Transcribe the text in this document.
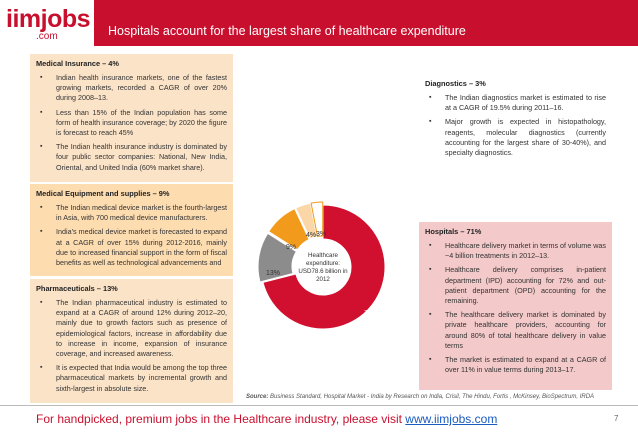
iimjobs
.com	Hospitals account for the largest share of healthcare expenditure
Medical Insurance – 4%
▪ Indian health insurance markets, one of the fastest growing markets, recorded a CAGR of over 20% during 2008–13.
▪ Less than 15% of the Indian population has some form of health insurance coverage; by 2020 the figure is forecast to reach 45%
▪ The Indian health insurance industry is dominated by four public sector companies: National, New India, Oriental, and United India (60% market share).
Medical Equipment and supplies – 9%
▪ The Indian medical device market is the fourth-largest in Asia, with 700 medical device manufacturers.
▪ India's medical device market is forecasted to expand at a CAGR of over 15% during 2012-2016, mainly due to increased financial support in the form of fiscal benefits as well as technological advancements and
Pharmaceuticals – 13%
▪ The Indian pharmaceutical industry is estimated to expand at a CAGR of around 12% during 2012–20, mainly due to growth factors such as presence of epidemiological factors, increase in affordability due to increase in income, expansion of insurance coverage, and increased awareness.
▪ It is expected that India would be among the top three pharmaceutical markets by incremental growth and sixth-largest in absolute size.
Diagnostics – 3%
▪ The Indian diagnostics market is estimated to rise at a CAGR of 19.5% during 2011–16.
▪ Major growth is expected in histopathology, reagents, molecular diagnostics (currently accounting for the largest share of 30-40%), and specialty diagnostics.
Hospitals – 71%
▪ Healthcare delivery market in terms of volume was ~4 billion treatments in 2012–13.
▪ Healthcare delivery comprises in-patient department (IPD) accounting for 72% and out-patient department (OPD) accounting for the remaining.
▪ The healthcare delivery market is dominated by private healthcare providers, accounting for around 80% of total healthcare delivery in value terms
▪ The market is estimated to expand at a CAGR of over 11% in value terms during 2013–17.
71%
13%
9%
4% 3%
Healthcare
expenditure:
USD78.6 billion in
2012
Source: Business Standard, Hospital Market - India by Research on India, Crisil, The Hindu, Fortis , McKinsey, BioSpectrum, IRDA
For handpicked, premium jobs in the Healthcare industry, please visit www.iimjobs.com	7
